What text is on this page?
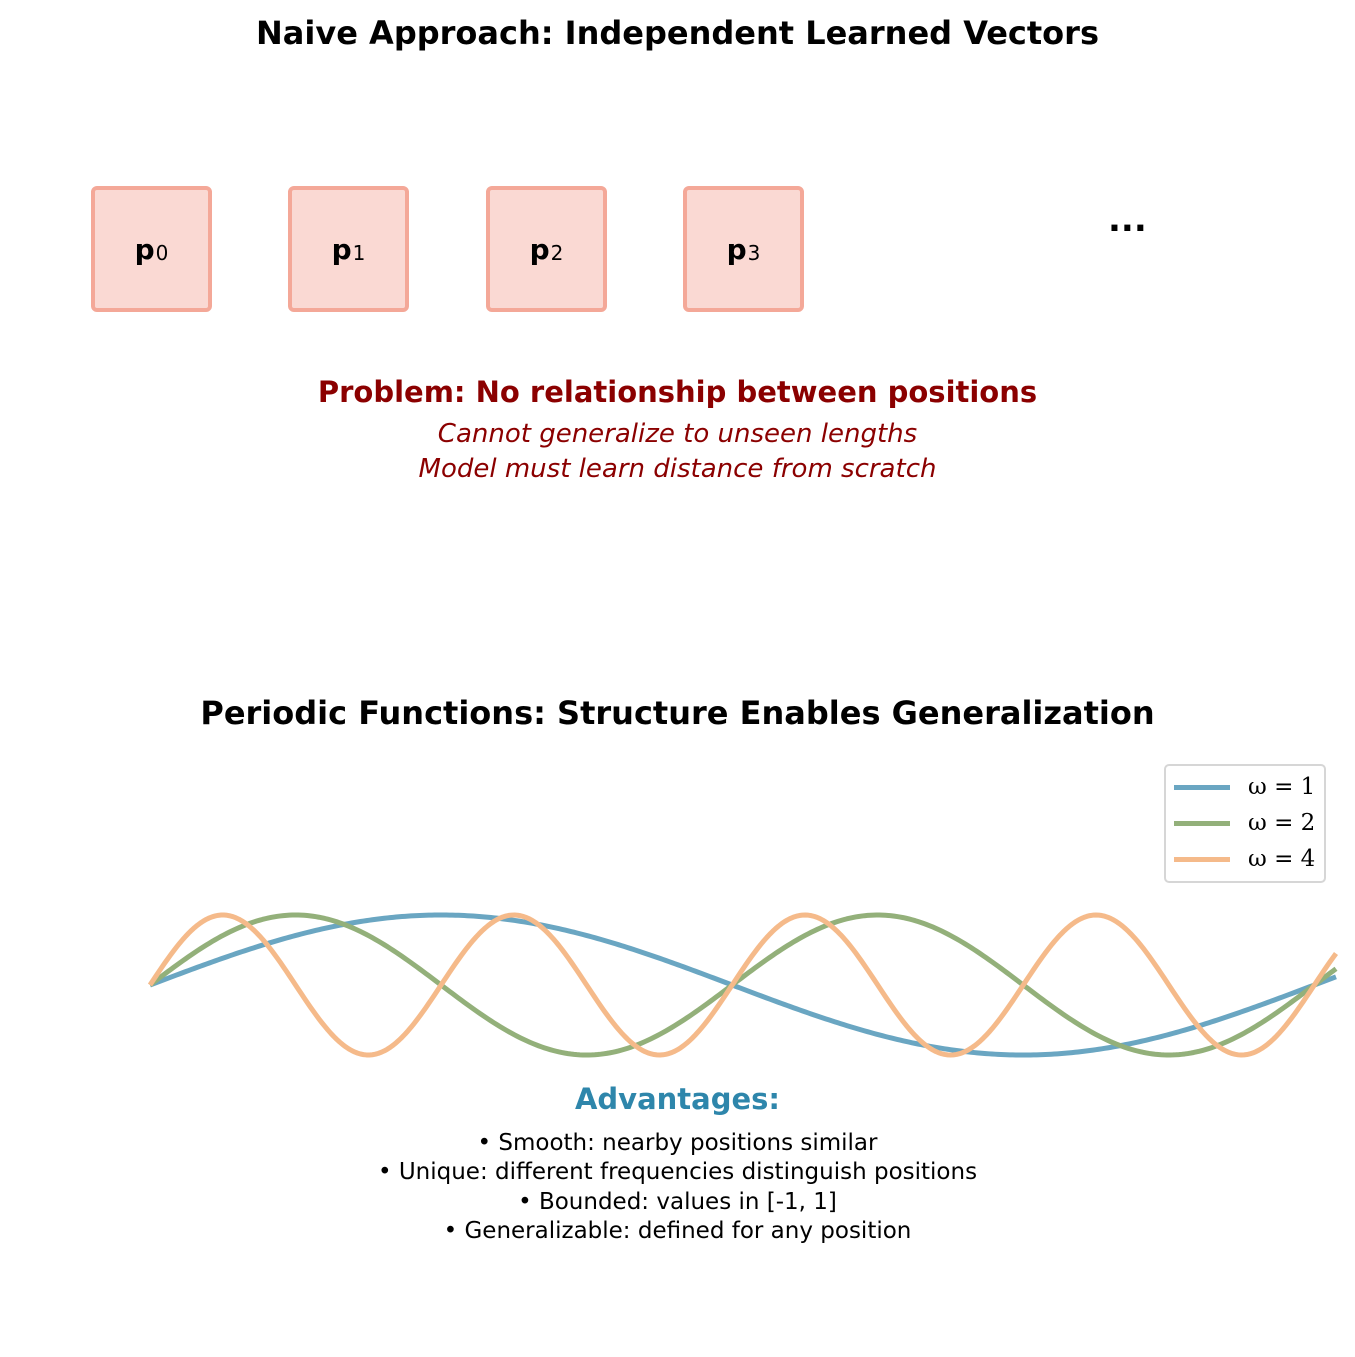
Naive Approach: Independent Learned Vectors
$p_0$	$p_1$	$p_2$	$p_3$
...
Problem: No relationship between positions
Cannot generalize to unseen lengths
Model must learn distance from scratch
Periodic Functions: Structure Enables Generalization
ω = 1
ω = 2
ω = 4
Advantages:
• Smooth: nearby positions similar
• Unique: different frequencies distinguish positions
• Bounded: values in [-1, 1]
• Generalizable: defined for any position
